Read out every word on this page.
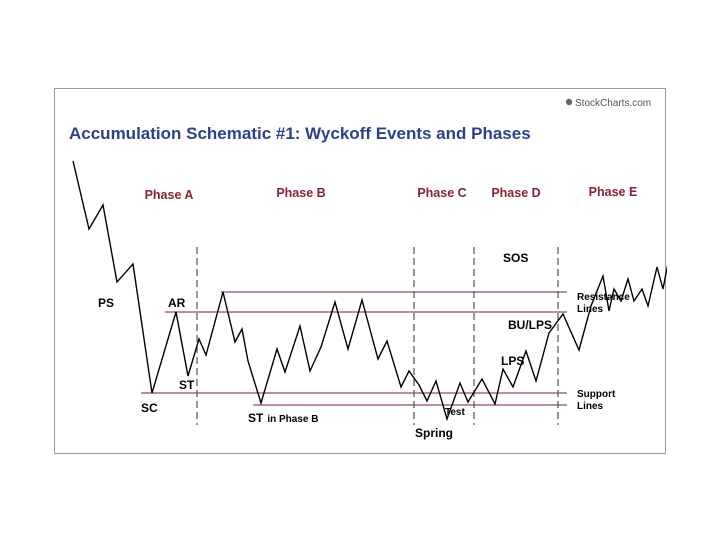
StockCharts.com
Accumulation Schematic #1: Wyckoff Events and Phases
Phase A	Phase B	Phase C Phase D	Phase E
PS
SC
AR
ST
ST in Phase B
Spring
Test
LPS
BU/LPS
SOS
Resistance
Lines
Support
Lines
